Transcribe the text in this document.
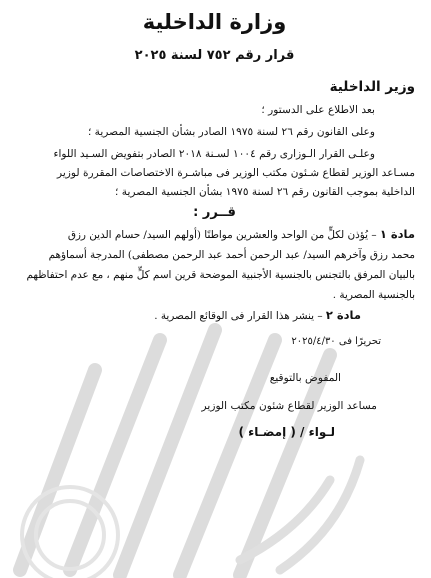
وزارة الداخلية
قرار رقم ٧٥٢ لسنة ٢٠٢٥
وزير الداخلية

بعد الاطلاع على الدستور ؛

وعلى القانون رقم ٢٦ لسنة ١٩٧٥ الصادر بشأن الجنسية المصرية ؛

وعلـى القرار الـوزارى رقم ١٠٠٤ لسـنة ٢٠١٨ الصادر بتفويض السـيد اللواء

مسـاعد الوزير لقطاع شـئون مكتب الوزير فى مباشـرة الاختصاصات المقررة لوزير

الداخلية بموجب القانون رقم ٢٦ لسنة ١٩٧٥ بشأن الجنسية المصرية ؛

قــرر :

مادة ١ – يُؤذن لكلٍّ من الواحد والعشرين مواطنًا (أولهم السيد/ حسام الدين رزق

محمد رزق وآخرهم السيد/ عبد الرحمن أحمد عبد الرحمن مصطفى) المدرجة أسماؤهم

بالبيان المرفق بالتجنس بالجنسية الأجنبية الموضحة قرين اسم كلٍّ منهم ، مع عدم احتفاظهم

بالجنسية المصرية .

مادة ٢ – ينشر هذا القرار فى الوقائع المصرية .

تحريرًا فى ٢٠٢٥/٤/٣٠

المفوض بالتوقيع

مساعد الوزير لقطاع شئون مكتب الوزير

لـواء / ( إمضـاء )
